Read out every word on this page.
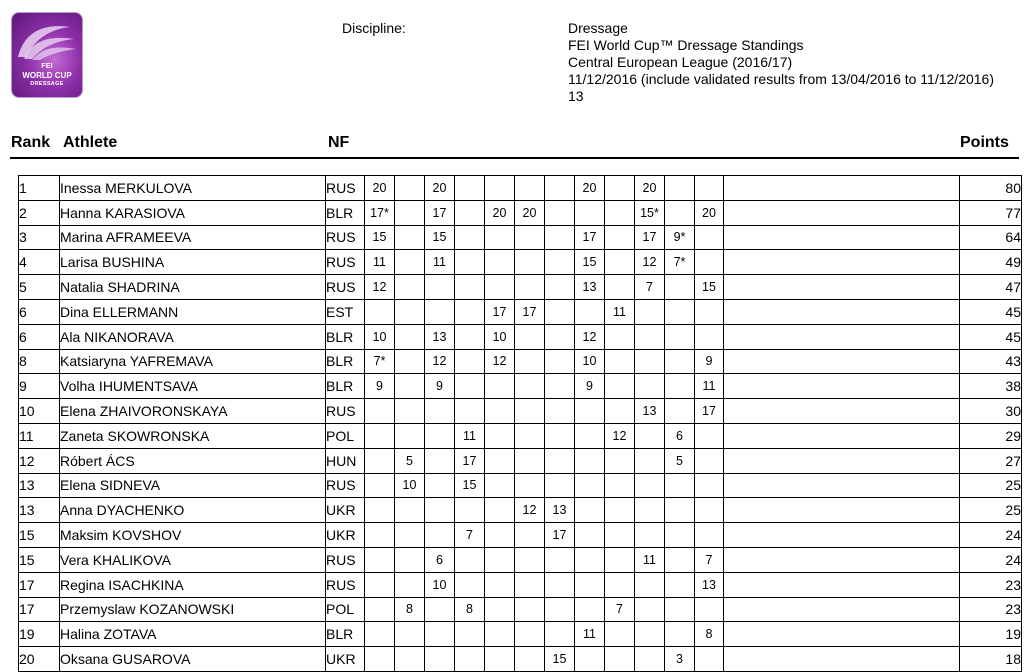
FEI
WORLD CUP
DRESSAGE
Discipline:	Dressage
FEI World Cup™ Dressage Standings
Central European League (2016/17)
11/12/2016 (include validated results from 13/04/2016 to 11/12/2016)
13
Rank Athlete	NF	Points
1	Inessa MERKULOVA	RUS	20		20					20		20				80
2	Hanna KARASIOVA	BLR	17*		17		20	20				15*		20		77
3	Marina AFRAMEEVA	RUS	15		15					17		17	9*			64
4	Larisa BUSHINA	RUS	11		11					15		12	7*			49
5	Natalia SHADRINA	RUS	12							13		7		15		47
6	Dina ELLERMANN	EST					17	17			11					45
6	Ala NIKANORAVA	BLR	10		13		10			12						45
8	Katsiaryna YAFREMAVA	BLR	7*		12		12			10				9		43
9	Volha IHUMENTSAVA	BLR	9		9					9				11		38
10	Elena ZHAIVORONSKAYA	RUS										13		17		30
11	Zaneta SKOWRONSKA	POL				11					12		6			29
12	Róbert ÁCS	HUN		5		17							5			27
13	Elena SIDNEVA	RUS		10		15										25
13	Anna DYACHENKO	UKR						12	13							25
15	Maksim KOVSHOV	UKR				7			17							24
15	Vera KHALIKOVA	RUS			6							11		7		24
17	Regina ISACHKINA	RUS			10									13		23
17	Przemyslaw KOZANOWSKI	POL		8		8					7					23
19	Halina ZOTAVA	BLR								11				8		19
20	Oksana GUSAROVA	UKR							15				3			18
